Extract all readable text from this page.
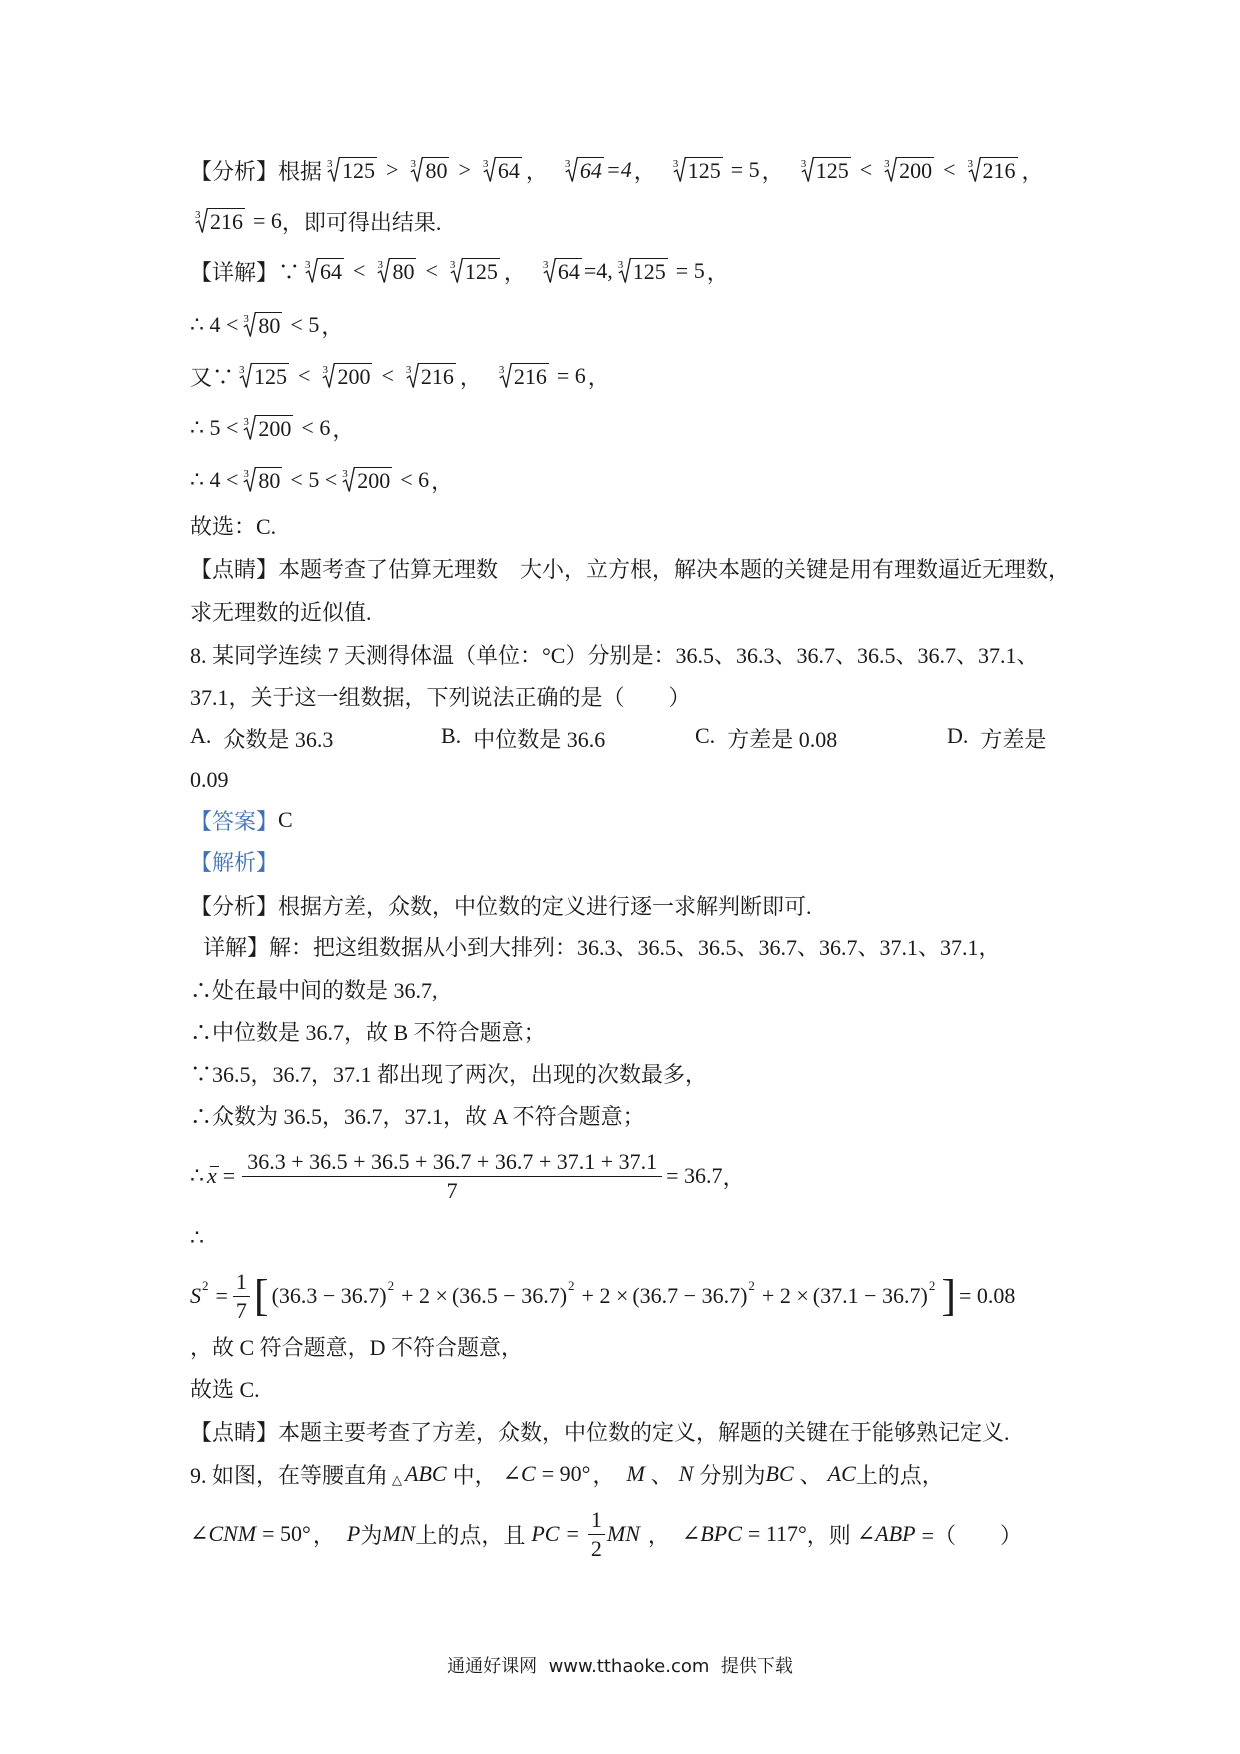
【分析】根据 3 125 > 3 80 > 3 64 ， 3 64 =4 ， 3 125 = 5 ， 3 125 < 3 200 < 3 216 ，
3 216 = 6 ，即可得出结果.
【详解】∵ 3 64 < 3 80 < 3 125 ， 3 64 =4, 3 125 = 5 ，
∴ 4 < 3 80 < 5 ，
又∵ 3 125 < 3 200 < 3 216 ， 3 216 = 6 ，
∴ 5 < 3 200 < 6 ，
∴ 4 < 3 80 < 5 < 3 200 < 6 ，
故选：C.
【点睛】本题考查了估算无理数　大小，立方根，解决本题的关键是用有理数逼近无理数，
求无理数的近似值.
8. 某同学连续 7 天测得体温（单位：°C）分别是：36.5、36.3、36.7、36.5、36.7、37.1、
37.1，关于这一组数据，下列说法正确的是（　　）
A. 众数是 36.3	B. 中位数是 36.6	C. 方差是 0.08	D. 方差是
0.09
【答案】 C
【解析】
【分析】根据方差，众数，中位数的定义进行逐一求解判断即可.
详解】解：把这组数据从小到大排列：36.3、36.5、36.5、36.7、36.7、37.1、37.1，
∴处在最中间的数是 36.7,
∴中位数是 36.7，故 B 不符合题意；
∵36.5，36.7，37.1 都出现了两次，出现的次数最多，
∴众数为 36.5，36.7，37.1，故 A 不符合题意；
∴ $x = \frac{36.3 + 36.5 + 36.5 + 36.7 + 36.7 + 37.1 + 37.1}{7} = 36.7$ ，
∴
S $2 = \frac{1}{7}$ [ (36.3 − 36.7) 2 + 2 × (36.5 − 36.7) 2 + 2 × (36.7 − 36.7) 2 + 2 × (37.1 − 36.7) 2 ] = 0.08
，故 C 符合题意，D 不符合题意，
故选 C.
【点睛】本题主要考查了方差，众数，中位数的定义，解题的关键在于能够熟记定义.
9. 如图，在等腰直角 △ ABC 中， ∠ C = 90° ， M 、 N 分别为 BC 、 AC 上的点，
∠ CNM = 50° ， P 为 MN 上的点，且 PC = $\frac{1}{2}$ MN ， ∠ BPC = 117° ，则 ∠ ABP =（　　）
通通好课网  www.tthaoke.com  提供下载
